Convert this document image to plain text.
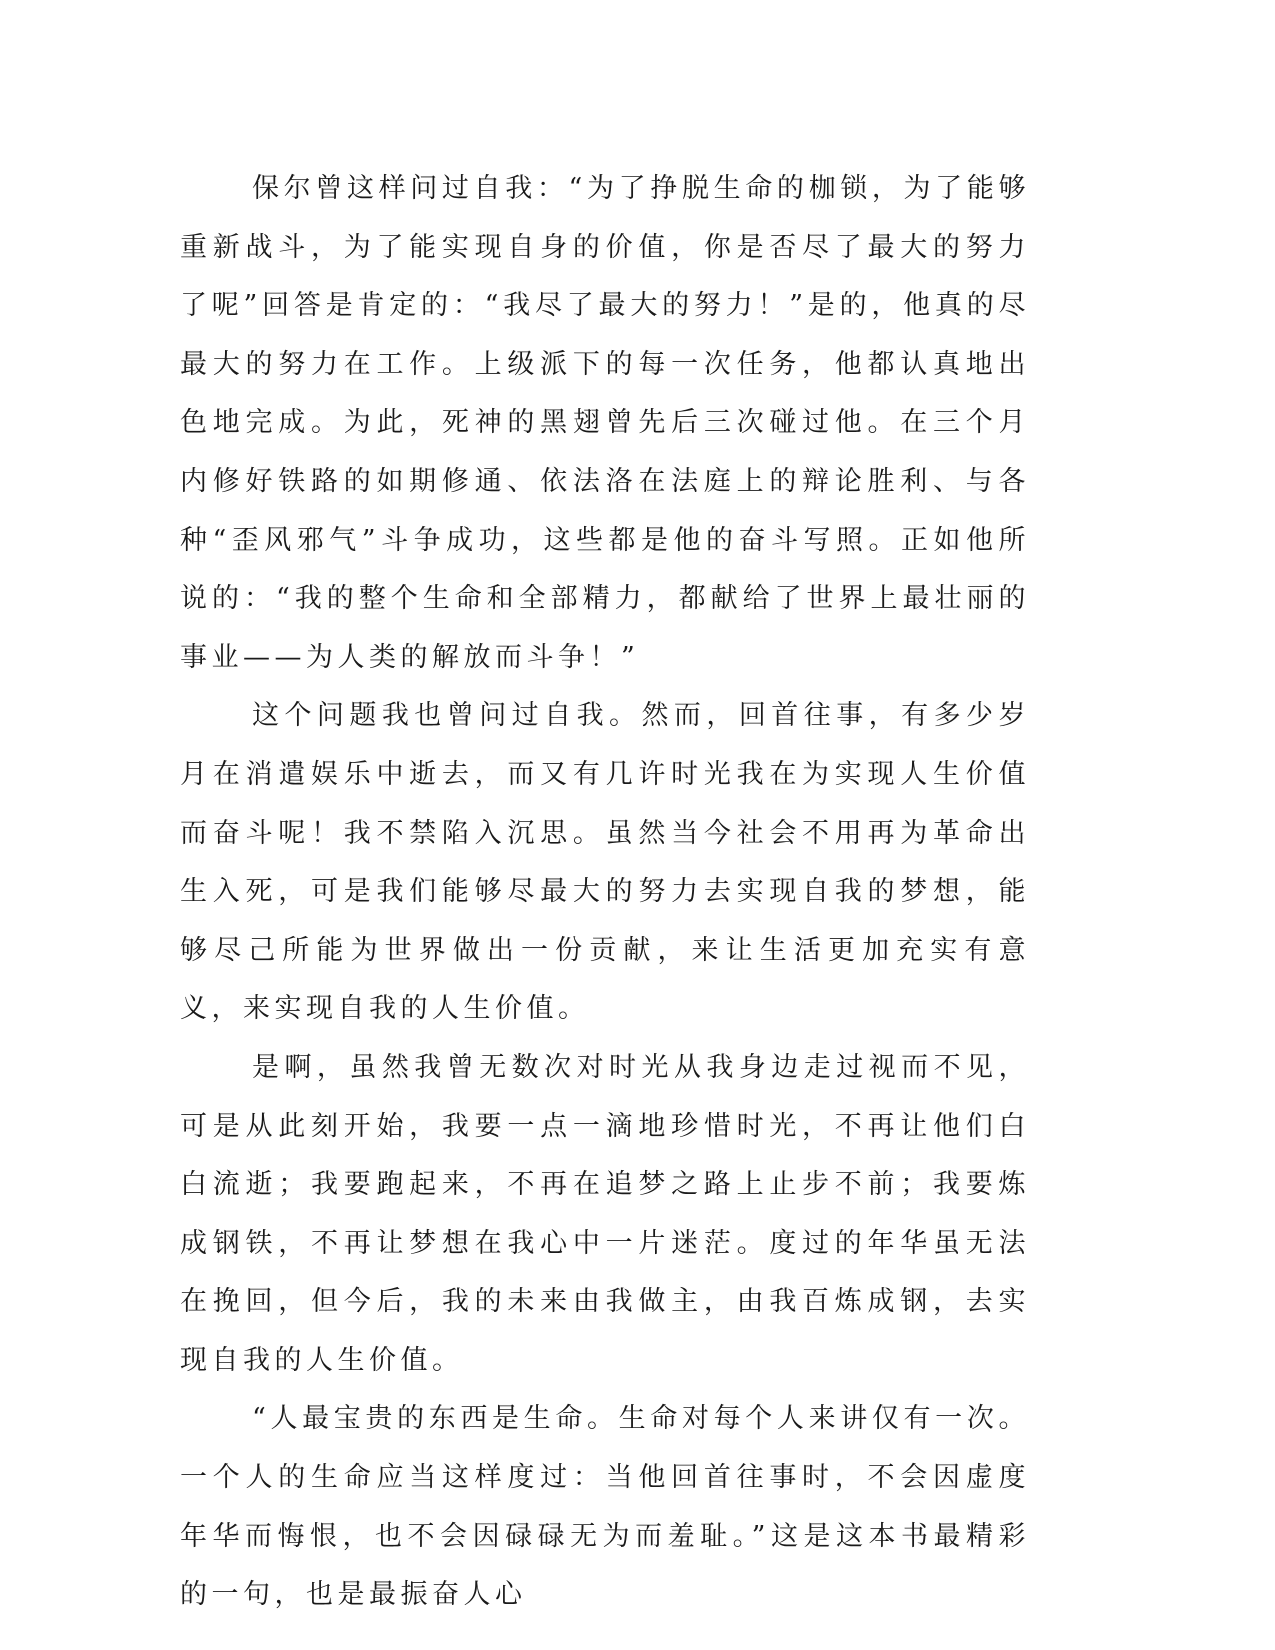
保尔曾这样问过自我：“为了挣脱生命的枷锁，为了能够重新战斗，为了能实现自身的价值，你是否尽了最大的努力了呢”回答是肯定的：“我尽了最大的努力！”是的，他真的尽最大的努力在工作。上级派下的每一次任务，他都认真地出色地完成。为此，死神的黑翅曾先后三次碰过他。在三个月内修好铁路的如期修通、依法洛在法庭上的辩论胜利、与各种“歪风邪气”斗争成功，这些都是他的奋斗写照。正如他所说的：“我的整个生命和全部精力，都献给了世界上最壮丽的事业——为人类的解放而斗争！”

这个问题我也曾问过自我。然而，回首往事，有多少岁月在消遣娱乐中逝去，而又有几许时光我在为实现人生价值而奋斗呢！我不禁陷入沉思。虽然当今社会不用再为革命出生入死，可是我们能够尽最大的努力去实现自我的梦想，能够尽己所能为世界做出一份贡献，来让生活更加充实有意义，来实现自我的人生价值。

是啊，虽然我曾无数次对时光从我身边走过视而不见，可是从此刻开始，我要一点一滴地珍惜时光，不再让他们白白流逝；我要跑起来，不再在追梦之路上止步不前；我要炼成钢铁，不再让梦想在我心中一片迷茫。度过的年华虽无法在挽回，但今后，我的未来由我做主，由我百炼成钢，去实现自我的人生价值。

“人最宝贵的东西是生命。生命对每个人来讲仅有一次。一个人的生命应当这样度过：当他回首往事时，不会因虚度年华而悔恨，也不会因碌碌无为而羞耻。”这是这本书最精彩的一句，也是最振奋人心
